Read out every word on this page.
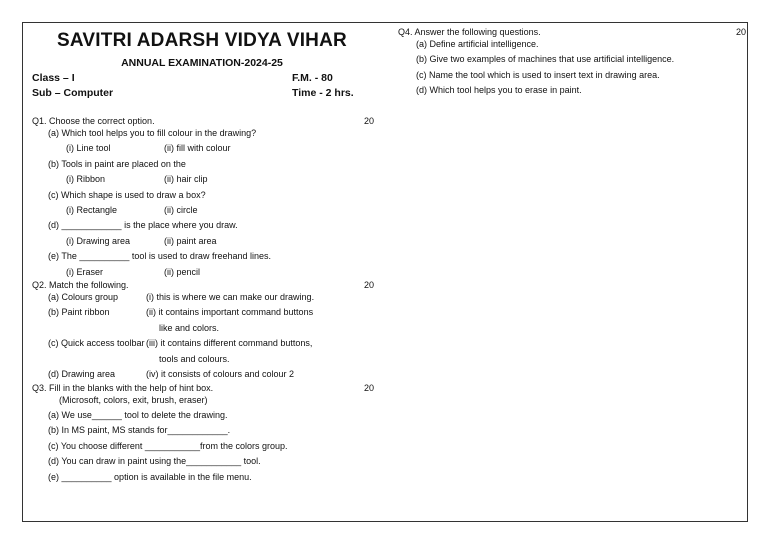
SAVITRI ADARSH VIDYA VIHAR
ANNUAL EXAMINATION-2024-25
Class – I	F.M. - 80
Sub – Computer	Time - 2 hrs.
Q1. Choose the correct option.	20
(a) Which tool helps you to fill colour in the drawing?
(i) Line tool	(ii) fill with colour
(b) Tools in paint are placed on the
(i) Ribbon	(ii) hair clip
(c) Which shape is used to draw a box?
(i) Rectangle	(ii) circle
(d) ____________ is the place where you draw.
(i) Drawing area	(ii) paint area
(e) The __________ tool is used to draw freehand lines.
(i) Eraser	(ii) pencil
Q2. Match the following.	20
(a) Colours group	(i) this is where we can make our drawing.
(b) Paint ribbon	(ii) it contains important command buttons
like and colors.
(c) Quick access toolbar (iii) it contains different command buttons,
tools and colours.
(d) Drawing area	(iv) it consists of colours and colour 2
Q3. Fill in the blanks with the help of hint box.	20
(Microsoft, colors, exit, brush, eraser)
(a) We use______ tool to delete the drawing.
(b) In MS paint, MS stands for____________.
(c) You choose different ___________from the colors group.
(d) You can draw in paint using the___________ tool.
(e) __________ option is available in the file menu.
Q4. Answer the following questions.	20
(a) Define artificial intelligence.
(b) Give two examples of machines that use artificial intelligence.
(c) Name the tool which is used to insert text in drawing area.
(d) Which tool helps you to erase in paint.
